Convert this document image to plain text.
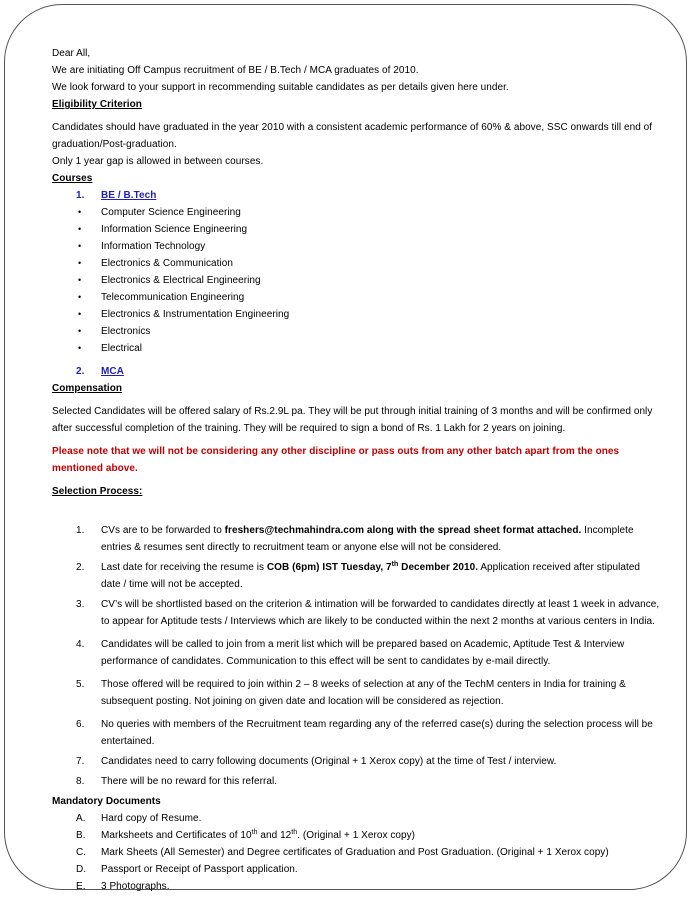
Dear All,

We are initiating Off Campus recruitment of BE / B.Tech / MCA graduates of 2010.

We look forward to your support in recommending suitable candidates as per details given here under.

Eligibility Criterion

Candidates should have graduated in the year 2010 with a consistent academic performance of 60% & above, SSC onwards till end of graduation/Post-graduation.

Only 1 year gap is allowed in between courses.

Courses

1. BE / B.Tech
• Computer Science Engineering
• Information Science Engineering
• Information Technology
• Electronics & Communication
• Electronics & Electrical Engineering
• Telecommunication Engineering
• Electronics & Instrumentation Engineering
• Electronics
• Electrical
2. MCA

Compensation

Selected Candidates will be offered salary of Rs.2.9L pa. They will be put through initial training of 3 months and will be confirmed only after successful completion of the training. They will be required to sign a bond of Rs. 1 Lakh for 2 years on joining.

Please note that we will not be considering any other discipline or pass outs from any other batch apart from the ones mentioned above.

Selection Process:

1. CVs are to be forwarded to freshers@techmahindra.com along with the spread sheet format attached. Incomplete entries & resumes sent directly to recruitment team or anyone else will not be considered.
2. Last date for receiving the resume is COB (6pm) IST Tuesday, 7th December 2010. Application received after stipulated date / time will not be accepted.
3. CV’s will be shortlisted based on the criterion & intimation will be forwarded to candidates directly at least 1 week in advance, to appear for Aptitude tests / Interviews which are likely to be conducted within the next 2 months at various centers in India.
4. Candidates will be called to join from a merit list which will be prepared based on Academic, Aptitude Test & Interview performance of candidates. Communication to this effect will be sent to candidates by e-mail directly.
5. Those offered will be required to join within 2 – 8 weeks of selection at any of the TechM centers in India for training & subsequent posting. Not joining on given date and location will be considered as rejection.
6. No queries with members of the Recruitment team regarding any of the referred case(s) during the selection process will be entertained.
7. Candidates need to carry following documents (Original + 1 Xerox copy) at the time of Test / interview.
8. There will be no reward for this referral.

Mandatory Documents

A. Hard copy of Resume.
B. Marksheets and Certificates of 10th and 12th. (Original + 1 Xerox copy)
C. Mark Sheets (All Semester) and Degree certificates of Graduation and Post Graduation. (Original + 1 Xerox copy)
D. Passport or Receipt of Passport application.
E. 3 Photographs.
